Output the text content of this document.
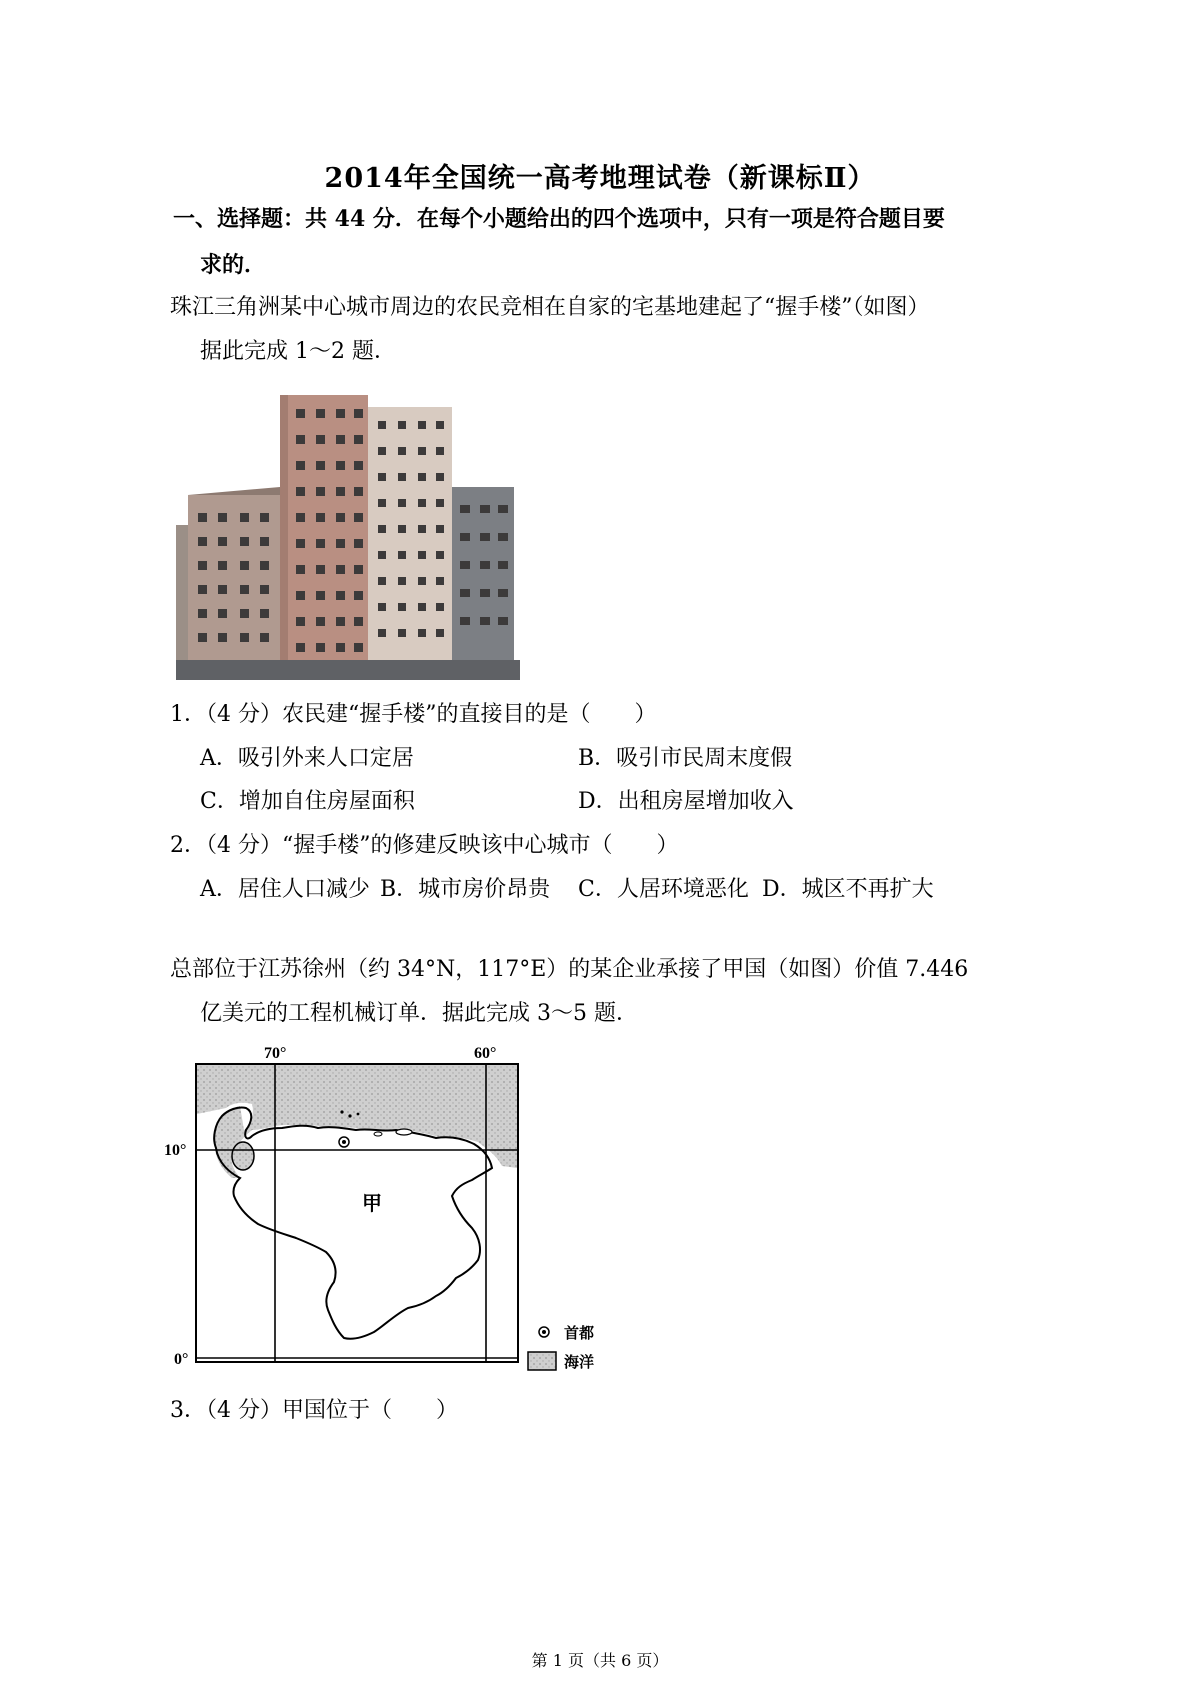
2014年全国统一高考地理试卷（新课标Ⅱ）
一、选择题：共 44 分．在每个小题给出的四个选项中，只有一项是符合题目要
求的．
珠江三角洲某中心城市周边的农民竞相在自家的宅基地建起了“握手楼”（如图）
据此完成 1～2 题．
1．（4 分）农民建“握手楼”的直接目的是（　　）
A．吸引外来人口定居	B．吸引市民周末度假
C．增加自住房屋面积	D．出租房屋增加收入
2．（4 分）“握手楼”的修建反映该中心城市（　　）
A．居住人口减少 B．城市房价昂贵 C．人居环境恶化 D．城区不再扩大
总部位于江苏徐州（约 34°N，117°E）的某企业承接了甲国（如图）价值 7.446
亿美元的工程机械订单．据此完成 3～5 题．
70°	60°
10°
0°
甲
首都
海洋
3．（4 分）甲国位于（　　）
第 1 页（共 6 页）
